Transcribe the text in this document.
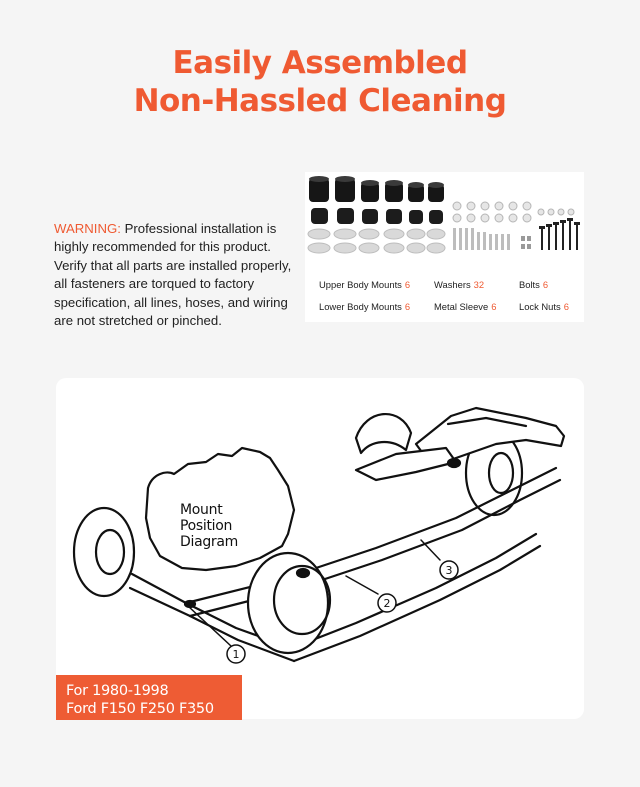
Easily Assembled
Non-Hassled Cleaning
WARNING: Professional installation is highly recommended for this product. Verify that all parts are installed properly, all fasteners are torqued to factory specification, all lines, hoses, and wiring are not stretched or pinched.
Upper Body Mounts 6	Washers 32	Bolts 6
Lower Body Mounts 6	Metal Sleeve 6 Lock Nuts 6
1
2
3
Mount
Position
Diagram
For 1980-1998
Ford F150 F250 F350
